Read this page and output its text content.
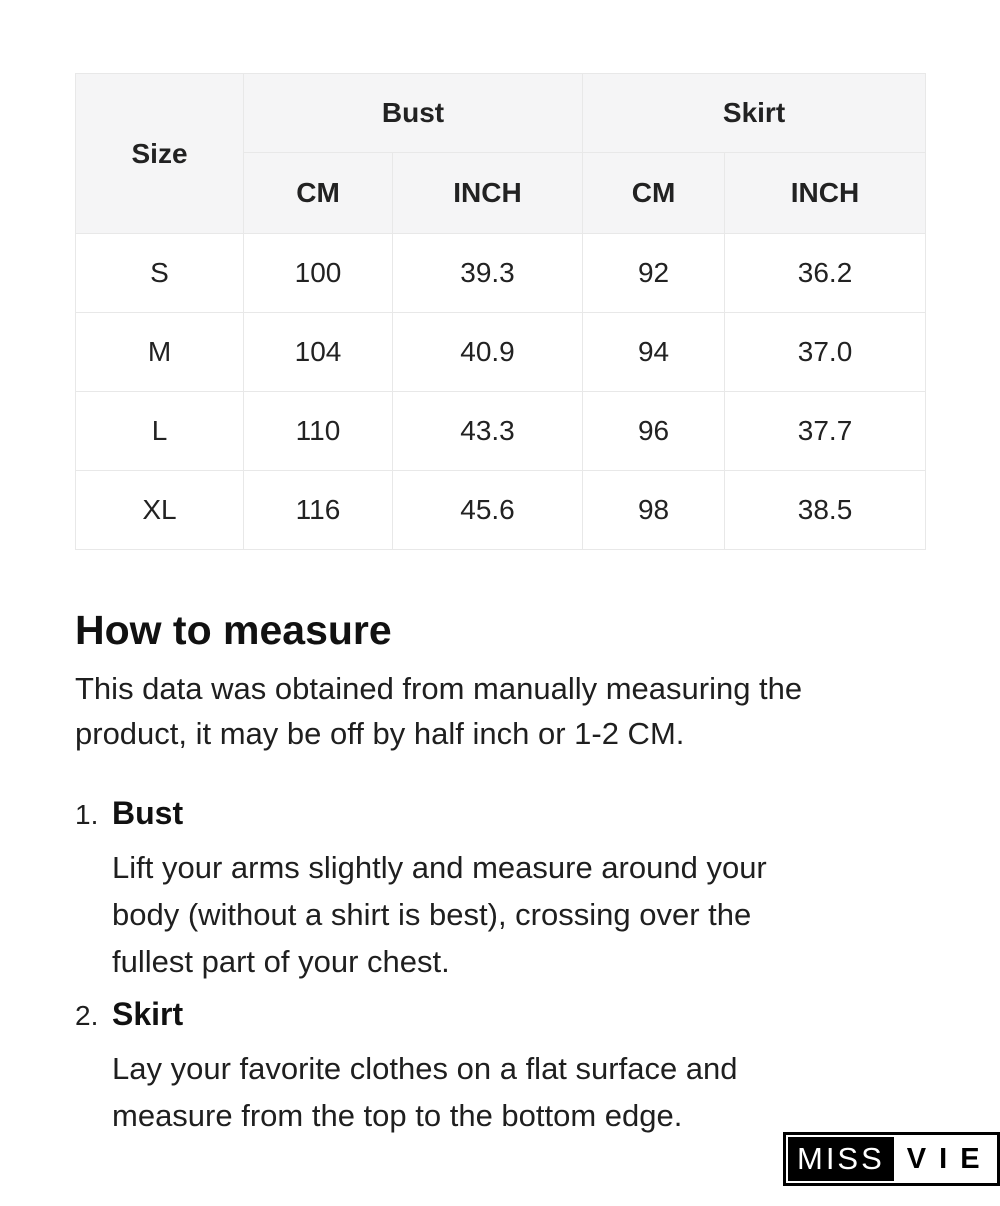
Size	Bust		Skirt	
	CM	INCH	CM	INCH
S	100	39.3	92	36.2
M	104	40.9	94	37.0
L	110	43.3	96	37.7
XL	116	45.6	98	38.5
How to measure

This data was obtained from manually measuring the
product, it may be off by half inch or 1-2 CM.

1. Bust

Lift your arms slightly and measure around your
body (without a shirt is best), crossing over the
fullest part of your chest.

2. Skirt

Lay your favorite clothes on a flat surface and
measure from the top to the bottom edge.

MISS VIE
